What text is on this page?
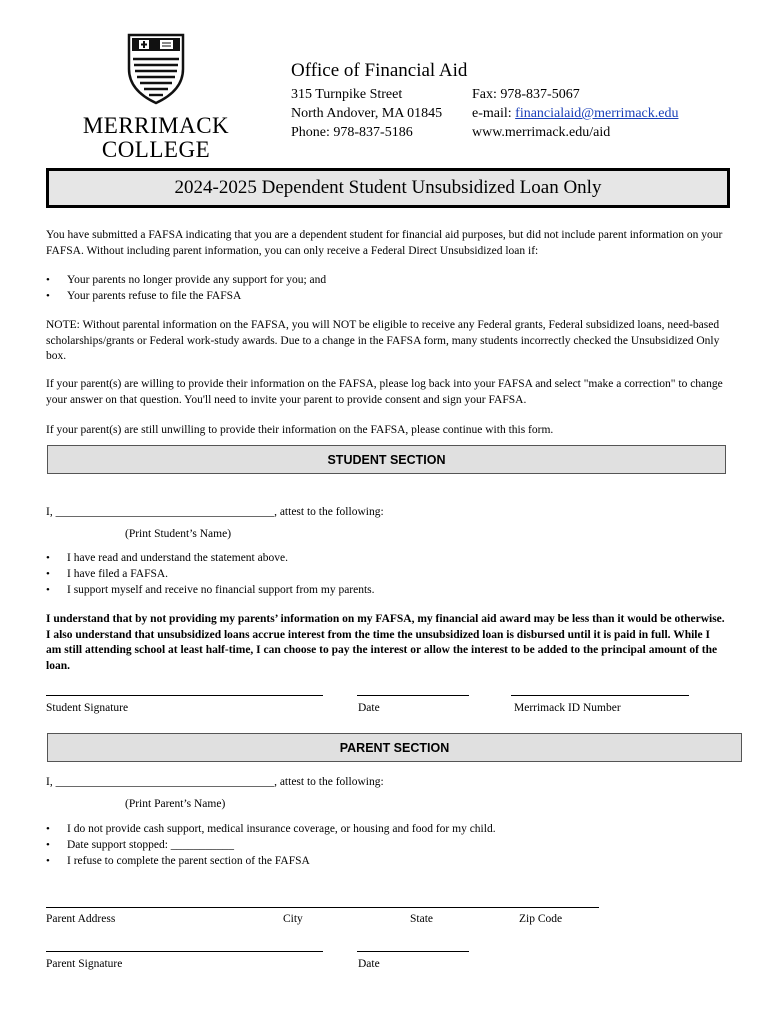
MERRIMACK
COLLEGE
Office of Financial Aid
315 Turnpike Street
North Andover, MA 01845
Phone: 978-837-5186
Fax: 978-837-5067
e-mail: financialaid@merrimack.edu
www.merrimack.edu/aid
2024-2025 Dependent Student Unsubsidized Loan Only
You have submitted a FAFSA indicating that you are a dependent student for financial aid purposes, but did not include parent information on your FAFSA. Without including parent information, you can only receive a Federal Direct Unsubsidized loan if:
• Your parents no longer provide any support for you; and
• Your parents refuse to file the FAFSA
NOTE: Without parental information on the FAFSA, you will NOT be eligible to receive any Federal grants, Federal subsidized loans, need-based scholarships/grants or Federal work-study awards. Due to a change in the FAFSA form, many students incorrectly checked the Unsubsidized Only box.
If your parent(s) are willing to provide their information on the FAFSA, please log back into your FAFSA and select "make a correction" to change your answer on that question. You'll need to invite your parent to provide consent and sign your FAFSA.
If your parent(s) are still unwilling to provide their information on the FAFSA, please continue with this form.
STUDENT SECTION
I, ______________________________________, attest to the following:
(Print Student’s Name)
• I have read and understand the statement above.
• I have filed a FAFSA.
• I support myself and receive no financial support from my parents.
I understand that by not providing my parents’ information on my FAFSA, my financial aid award may be less than it would be otherwise. I also understand that unsubsidized loans accrue interest from the time the unsubsidized loan is disbursed until it is paid in full. While I am still attending school at least half-time, I can choose to pay the interest or allow the interest to be added to the principal amount of the loan.
Student Signature	Date	Merrimack ID Number
PARENT SECTION
I, ______________________________________, attest to the following:
(Print Parent’s Name)
• I do not provide cash support, medical insurance coverage, or housing and food for my child.
• Date support stopped: ___________
• I refuse to complete the parent section of the FAFSA
Parent Address	City	State	Zip Code
Parent Signature	Date
